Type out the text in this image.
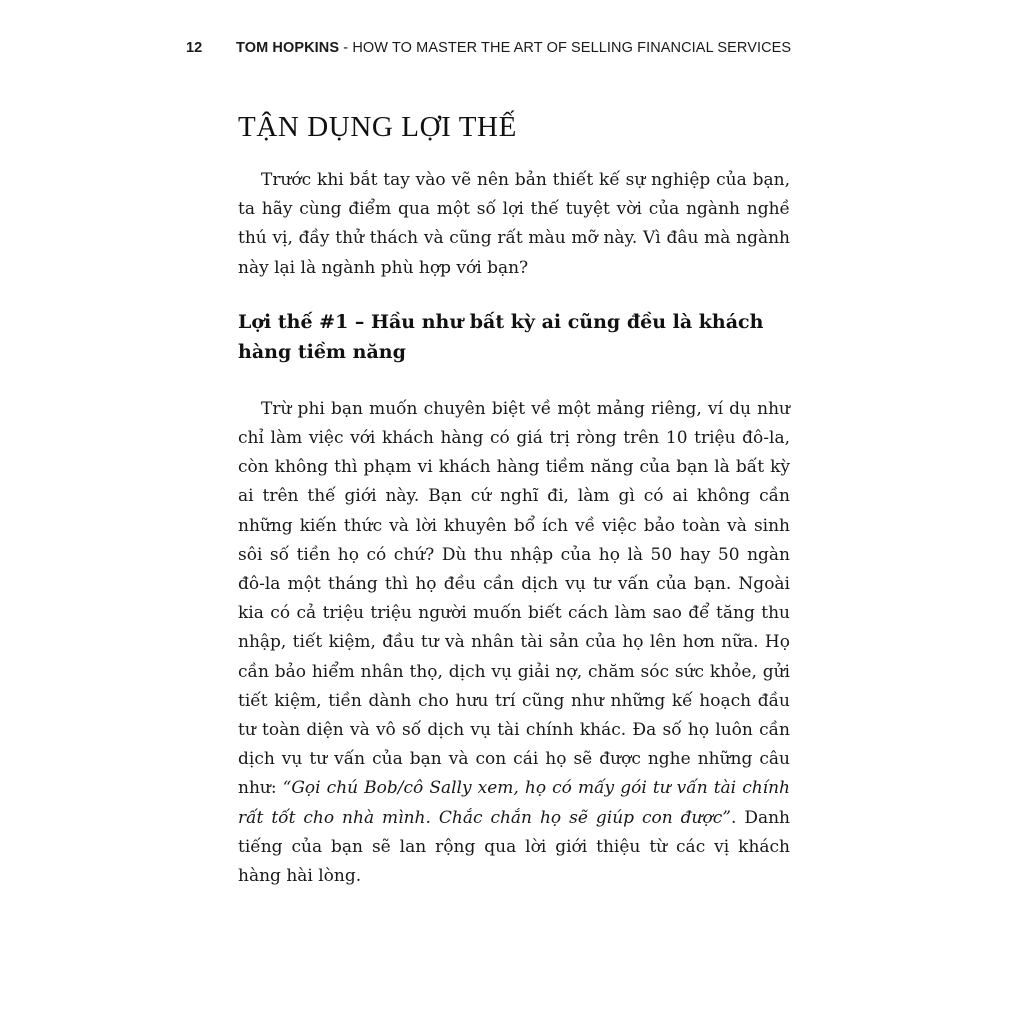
12 TOM HOPKINS - HOW TO MASTER THE ART OF SELLING FINANCIAL SERVICES
TẬN DỤNG LỢI THẾ

Trước khi bắt tay vào vẽ nên bản thiết kế sự nghiệp của bạn, ta hãy cùng điểm qua một số lợi thế tuyệt vời của ngành nghề thú vị, đầy thử thách và cũng rất màu mỡ này. Vì đâu mà ngành này lại là ngành phù hợp với bạn?

Lợi thế #1 – Hầu như bất kỳ ai cũng đều là khách hàng tiềm năng

Trừ phi bạn muốn chuyên biệt về một mảng riêng, ví dụ như chỉ làm việc với khách hàng có giá trị ròng trên 10 triệu đô-la, còn không thì phạm vi khách hàng tiềm năng của bạn là bất kỳ ai trên thế giới này. Bạn cứ nghĩ đi, làm gì có ai không cần những kiến thức và lời khuyên bổ ích về việc bảo toàn và sinh sôi số tiền họ có chứ? Dù thu nhập của họ là 50 hay 50 ngàn đô-la một tháng thì họ đều cần dịch vụ tư vấn của bạn. Ngoài kia có cả triệu triệu người muốn biết cách làm sao để tăng thu nhập, tiết kiệm, đầu tư và nhân tài sản của họ lên hơn nữa. Họ cần bảo hiểm nhân thọ, dịch vụ giải nợ, chăm sóc sức khỏe, gửi tiết kiệm, tiền dành cho hưu trí cũng như những kế hoạch đầu tư toàn diện và vô số dịch vụ tài chính khác. Đa số họ luôn cần dịch vụ tư vấn của bạn và con cái họ sẽ được nghe những câu như: “Gọi chú Bob/cô Sally xem, họ có mấy gói tư vấn tài chính rất tốt cho nhà mình. Chắc chắn họ sẽ giúp con được”. Danh tiếng của bạn sẽ lan rộng qua lời giới thiệu từ các vị khách hàng hài lòng.
